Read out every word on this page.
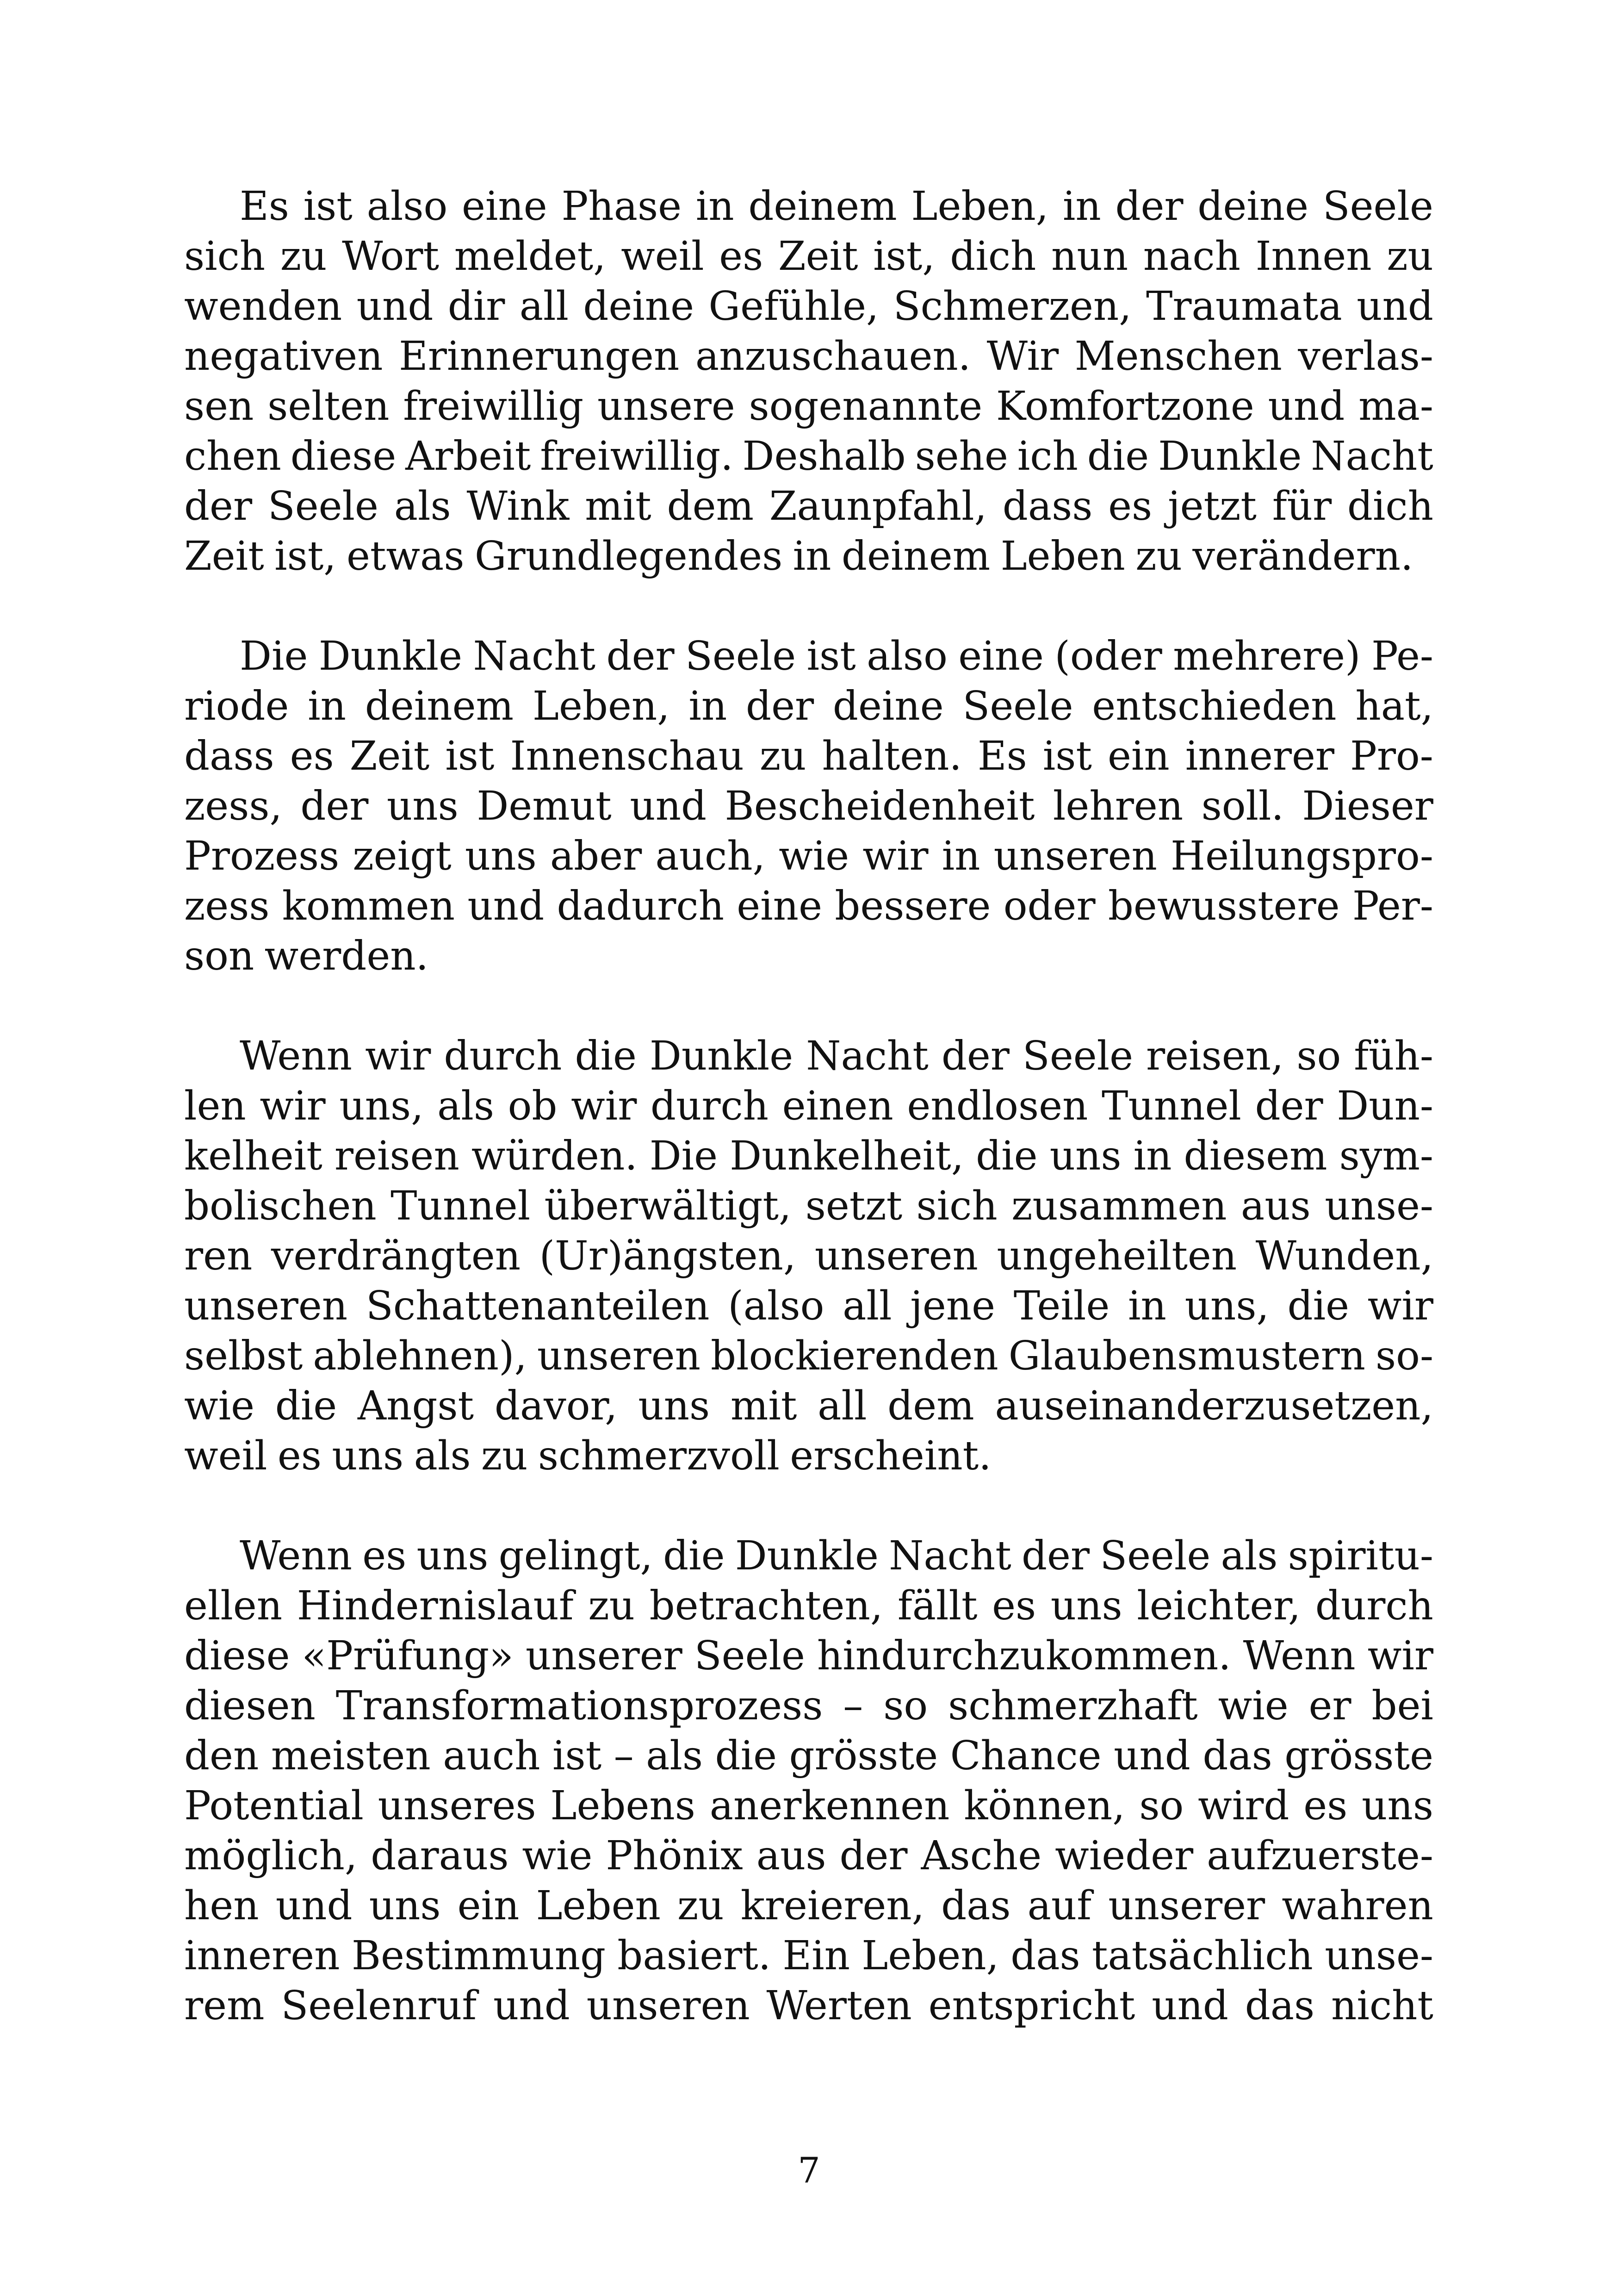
Es ist also eine Phase in deinem Leben, in der deine Seele
sich zu Wort meldet, weil es Zeit ist, dich nun nach Innen zu
wenden und dir all deine Gefühle, Schmerzen, Traumata und
negativen Erinnerungen anzuschauen. Wir Menschen verlas-
sen selten freiwillig unsere sogenannte Komfortzone und ma-
chen diese Arbeit freiwillig. Deshalb sehe ich die Dunkle Nacht
der Seele als Wink mit dem Zaunpfahl, dass es jetzt für dich
Zeit ist, etwas Grundlegendes in deinem Leben zu verändern.
Die Dunkle Nacht der Seele ist also eine (oder mehrere) Pe-
riode in deinem Leben, in der deine Seele entschieden hat,
dass es Zeit ist Innenschau zu halten. Es ist ein innerer Pro-
zess, der uns Demut und Bescheidenheit lehren soll. Dieser
Prozess zeigt uns aber auch, wie wir in unseren Heilungspro-
zess kommen und dadurch eine bessere oder bewusstere Per-
son werden.
Wenn wir durch die Dunkle Nacht der Seele reisen, so füh-
len wir uns, als ob wir durch einen endlosen Tunnel der Dun-
kelheit reisen würden. Die Dunkelheit, die uns in diesem sym-
bolischen Tunnel überwältigt, setzt sich zusammen aus unse-
ren verdrängten (Ur)ängsten, unseren ungeheilten Wunden,
unseren Schattenanteilen (also all jene Teile in uns, die wir
selbst ablehnen), unseren blockierenden Glaubensmustern so-
wie die Angst davor, uns mit all dem auseinanderzusetzen,
weil es uns als zu schmerzvoll erscheint.
Wenn es uns gelingt, die Dunkle Nacht der Seele als spiritu-
ellen Hindernislauf zu betrachten, fällt es uns leichter, durch
diese «Prüfung» unserer Seele hindurchzukommen. Wenn wir
diesen Transformationsprozess – so schmerzhaft wie er bei
den meisten auch ist – als die grösste Chance und das grösste
Potential unseres Lebens anerkennen können, so wird es uns
möglich, daraus wie Phönix aus der Asche wieder aufzuerste-
hen und uns ein Leben zu kreieren, das auf unserer wahren
inneren Bestimmung basiert. Ein Leben, das tatsächlich unse-
rem Seelenruf und unseren Werten entspricht und das nicht
7
